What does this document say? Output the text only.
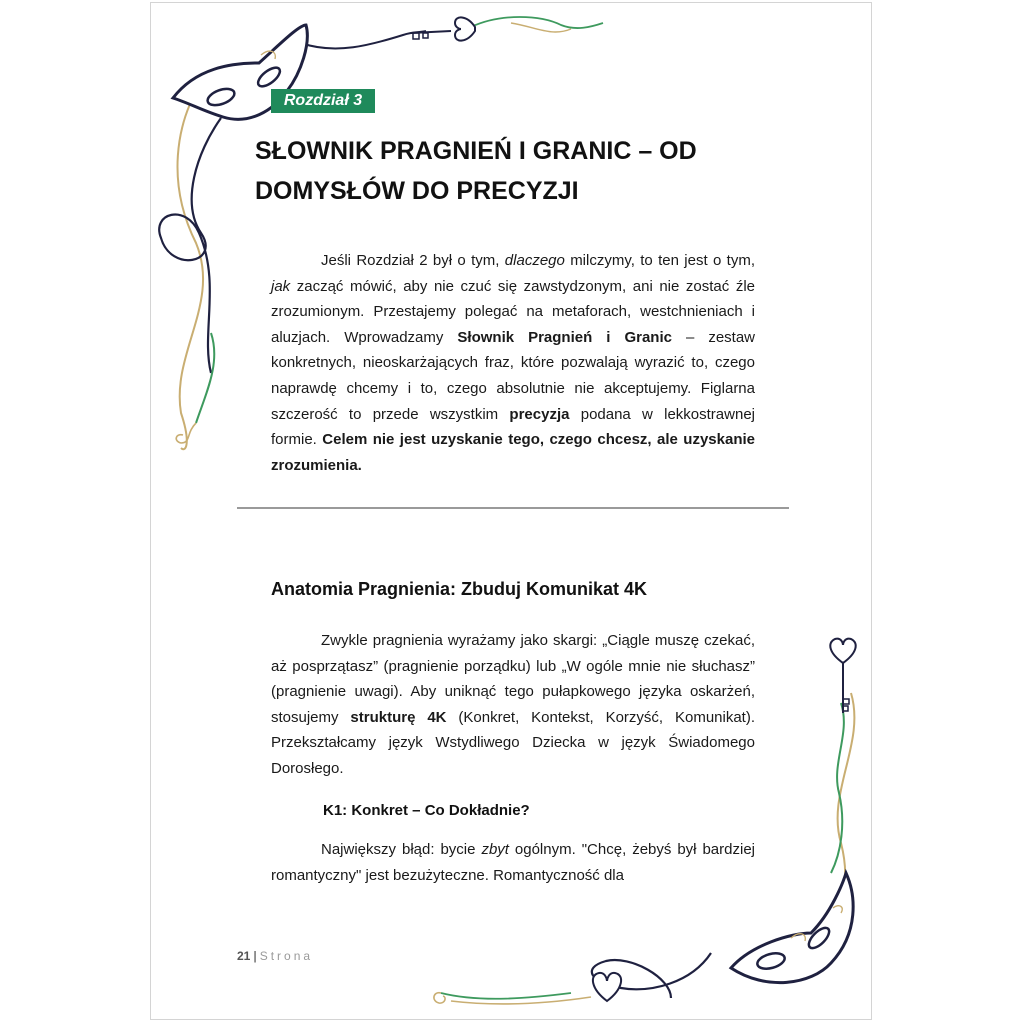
Rozdział 3
SŁOWNIK PRAGNIEŃ I GRANIC – OD DOMYSŁÓW DO PRECYZJI

Jeśli Rozdział 2 był o tym, dlaczego milczymy, to ten jest o tym, jak zacząć mówić, aby nie czuć się zawstydzonym, ani nie zostać źle zrozumionym. Przestajemy polegać na metaforach, westchnieniach i aluzjach. Wprowadzamy Słownik Pragnień i Granic – zestaw konkretnych, nieoskarżających fraz, które pozwalają wyrazić to, czego naprawdę chcemy i to, czego absolutnie nie akceptujemy. Figlarna szczerość to przede wszystkim precyzja podana w lekkostrawnej formie. Celem nie jest uzyskanie tego, czego chcesz, ale uzyskanie zrozumienia.

Anatomia Pragnienia: Zbuduj Komunikat 4K

Zwykle pragnienia wyrażamy jako skargi: „Ciągle muszę czekać, aż posprzątasz” (pragnienie porządku) lub „W ogóle mnie nie słuchasz” (pragnienie uwagi). Aby uniknąć tego pułapkowego języka oskarżeń, stosujemy strukturę 4K (Konkret, Kontekst, Korzyść, Komunikat). Przekształcamy język Wstydliwego Dziecka w język Świadomego Dorosłego.

K1: Konkret – Co Dokładnie?

Największy błąd: bycie zbyt ogólnym. "Chcę, żebyś był bardziej romantyczny" jest bezużyteczne. Romantyczność dla

21 | Strona
